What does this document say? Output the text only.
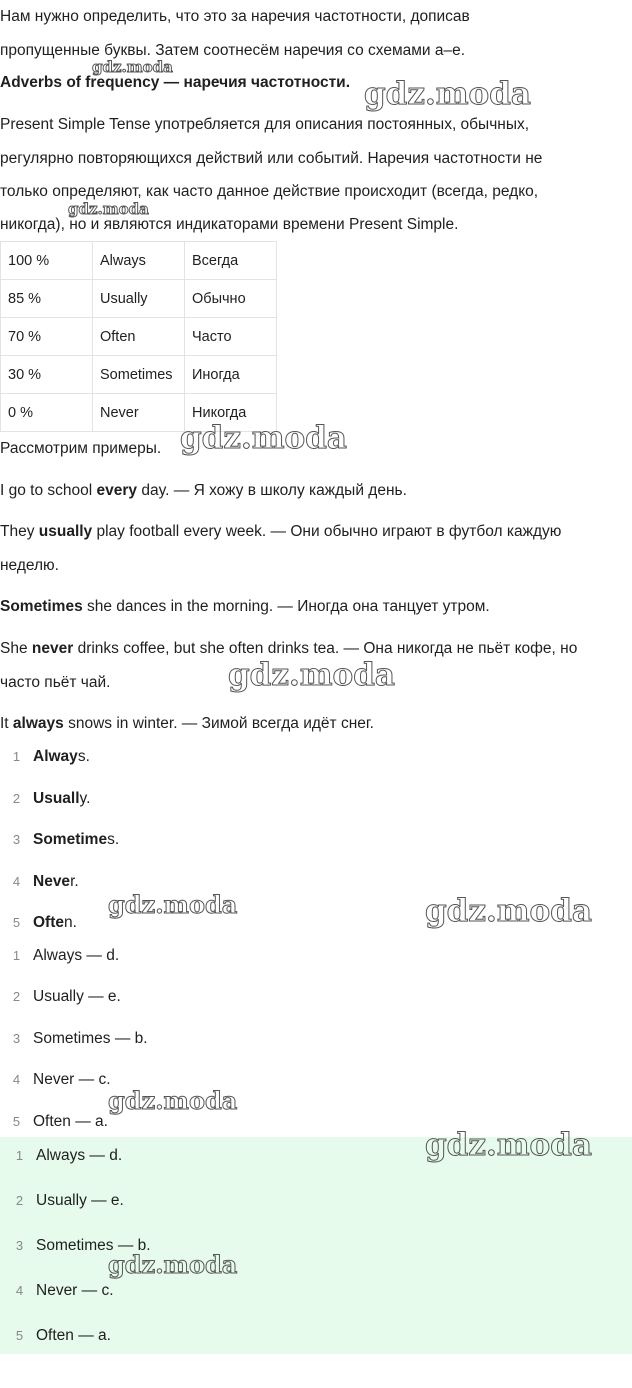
Нам нужно определить, что это за наречия частотности, дописав

пропущенные буквы. Затем соотнесём наречия со схемами a–e.

Adverbs of frequency — наречия частотности.

Present Simple Tense употребляется для описания постоянных, обычных,

регулярно повторяющихся действий или событий. Наречия частотности не

только определяют, как часто данное действие происходит (всегда, редко,

никогда), но и являются индикаторами времени Present Simple.

100 %	Always	Всегда
85 %	Usually	Обычно
70 %	Often	Часто
30 %	Sometimes	Иногда
0 %	Never	Никогда

Рассмотрим примеры.

I go to school every day. — Я хожу в школу каждый день.

They usually play football every week. — Они обычно играют в футбол каждую

неделю.

Sometimes she dances in the morning. — Иногда она танцует утром.

She never drinks coffee, but she often drinks tea. — Она никогда не пьёт кофе, но

часто пьёт чай.

It always snows in winter. — Зимой всегда идёт снег.

1 Always.
2 Usually.
3 Sometimes.
4 Never.
5 Often.
1 Always — d.
2 Usually — e.
3 Sometimes — b.
4 Never — c.
5 Often — a.
1 Always — d.
2 Usually — e.
3 Sometimes — b.
4 Never — c.
5 Often — a.
gdz.moda
gdz.moda
gdz.moda
gdz.moda
gdz.moda
gdz.moda	gdz.moda
gdz.moda
